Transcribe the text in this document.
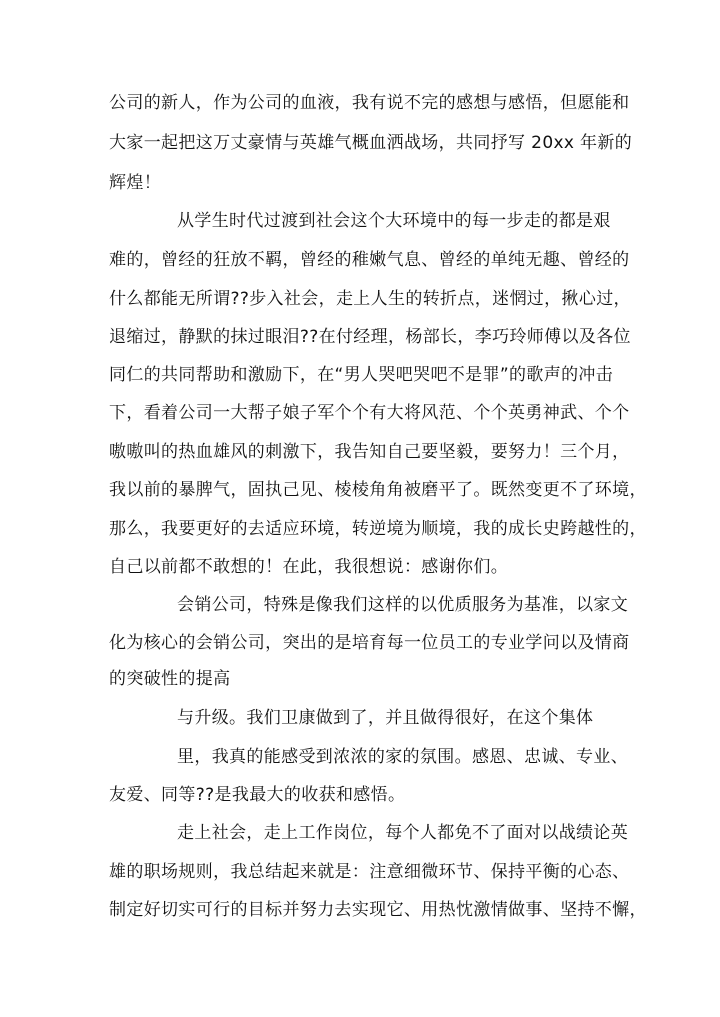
公司的新人，作为公司的血液，我有说不完的感想与感悟，但愿能和
大家一起把这万丈豪情与英雄气概血洒战场，共同抒写 20xx 年新的
辉煌！
从学生时代过渡到社会这个大环境中的每一步走的都是艰
难的，曾经的狂放不羁，曾经的稚嫩气息、曾经的单纯无趣、曾经的
什么都能无所谓??步入社会，走上人生的转折点，迷惘过，揪心过，
退缩过，静默的抹过眼泪??在付经理，杨部长，李巧玲师傅以及各位
同仁的共同帮助和激励下，在“男人哭吧哭吧不是罪”的歌声的冲击
下，看着公司一大帮子娘子军个个有大将风范、个个英勇神武、个个
嗷嗷叫的热血雄风的刺激下，我告知自己要坚毅，要努力！三个月，
我以前的暴脾气，固执己见、棱棱角角被磨平了。既然变更不了环境，
那么，我要更好的去适应环境，转逆境为顺境，我的成长史跨越性的，
自己以前都不敢想的！在此，我很想说：感谢你们。
会销公司，特殊是像我们这样的以优质服务为基准，以家文
化为核心的会销公司，突出的是培育每一位员工的专业学问以及情商
的突破性的提高
与升级。我们卫康做到了，并且做得很好，在这个集体
里，我真的能感受到浓浓的家的氛围。感恩、忠诚、专业、
友爱、同等??是我最大的收获和感悟。
走上社会，走上工作岗位，每个人都免不了面对以战绩论英
雄的职场规则，我总结起来就是：注意细微环节、保持平衡的心态、
制定好切实可行的目标并努力去实现它、用热忱激情做事、坚持不懈，
